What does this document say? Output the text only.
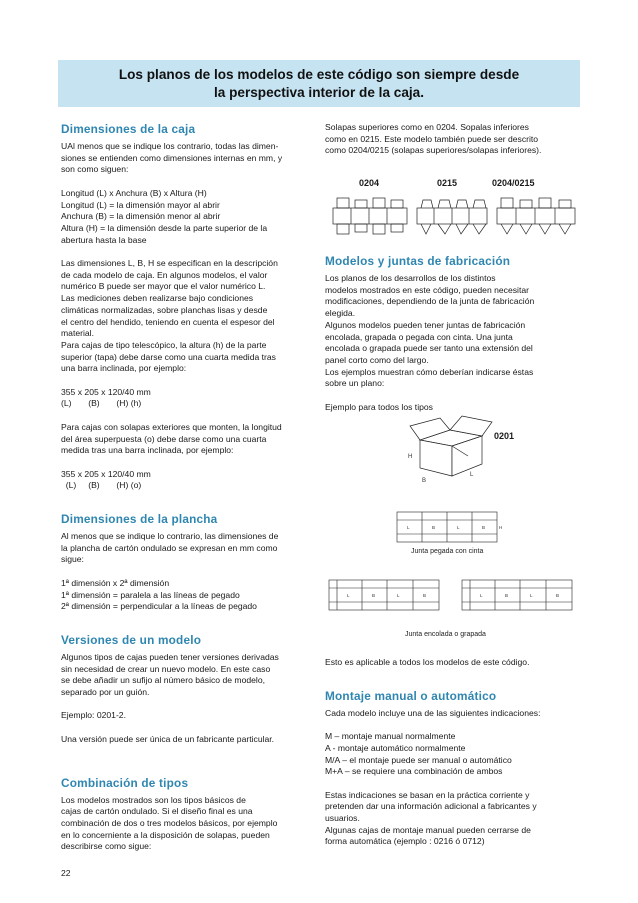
Los planos de los modelos de este código son siempre desde
la perspectiva interior de la caja.
Dimensiones de la caja

UAl menos que se indique los contrario, todas las dimen-
siones se entienden como dimensiones internas en mm, y
son como siguen:

Longitud (L) x Anchura (B) x Altura (H)
Longitud (L) = la dimensión mayor al abrir
Anchura (B) = la dimensión menor al abrir
Altura (H) = la dimensión desde la parte superior de la
abertura hasta la base

Las dimensiones L, B, H se especifican en la descripción
de cada modelo de caja. En algunos modelos, el valor
numérico B puede ser mayor que el valor numérico L.
Las mediciones deben realizarse bajo condiciones
climáticas normalizadas, sobre planchas lisas y desde
el centro del hendido, teniendo en cuenta el espesor del
material.
Para cajas de tipo telescópico, la altura (h) de la parte
superior (tapa) debe darse como una cuarta medida tras
una barra inclinada, por ejemplo:

355 x 205 x 120/40 mm
(L)       (B)       (H) (h)

Para cajas con solapas exteriores que monten, la longitud
del área superpuesta (o) debe darse como una cuarta
medida tras una barra inclinada, por ejemplo:

355 x 205 x 120/40 mm
(L)     (B)       (H) (o)

Dimensiones de la plancha

Al menos que se indique lo contrario, las dimensiones de
la plancha de cartón ondulado se expresan en mm como
sigue:

1ª dimensión x 2ª dimensión
1ª dimensión = paralela a las líneas de pegado
2ª dimensión = perpendicular a la líneas de pegado

Versiones de un modelo

Algunos tipos de cajas pueden tener versiones derivadas
sin necesidad de crear un nuevo modelo. En este caso
se debe añadir un sufijo al número básico de modelo,
separado por un guión.

Ejemplo: 0201-2.

Una versión puede ser única de un fabricante particular.

Combinación de tipos

Los modelos mostrados son los tipos básicos de
cajas de cartón ondulado. Si el diseño final es una
combinación de dos o tres modelos básicos, por ejemplo
en lo concerniente a la disposición de solapas, pueden
describirse como sigue:

Solapas superiores como en 0204. Sopalas inferiores
como en 0215. Este modelo también puede ser descrito
como 0204/0215 (solapas superiores/solapas inferiores).

0204	0215	0204/0215
Modelos y juntas de fabricación

Los planos de los desarrollos de los distintos
modelos mostrados en este código, pueden necesitar
modificaciones, dependiendo de la junta de fabricación
elegida.
Algunos modelos pueden tener juntas de fabricación
encolada, grapada o pegada con cinta. Una junta
encolada o grapada puede ser tanto una extensión del
panel corto como del largo.
Los ejemplos muestran cómo deberían indicarse éstas
sobre un plano:

Ejemplo para todos los tipos

0201
H
L
B
L	B	L	B	H
Junta pegada con cinta
L	B	L	B	L	B	L	B
Junta encolada o grapada

Esto es aplicable a todos los modelos de este código.

Montaje manual o automático

Cada modelo incluye una de las siguientes indicaciones:

M – montaje manual normalmente
A - montaje automático normalmente
M/A – el montaje puede ser manual o automático
M+A – se requiere una combinación de ambos

Estas indicaciones se basan en la práctica corriente y
pretenden dar una información adicional a fabricantes y
usuarios.
Algunas cajas de montaje manual pueden cerrarse de
forma automática (ejemplo : 0216 ó 0712)

22
